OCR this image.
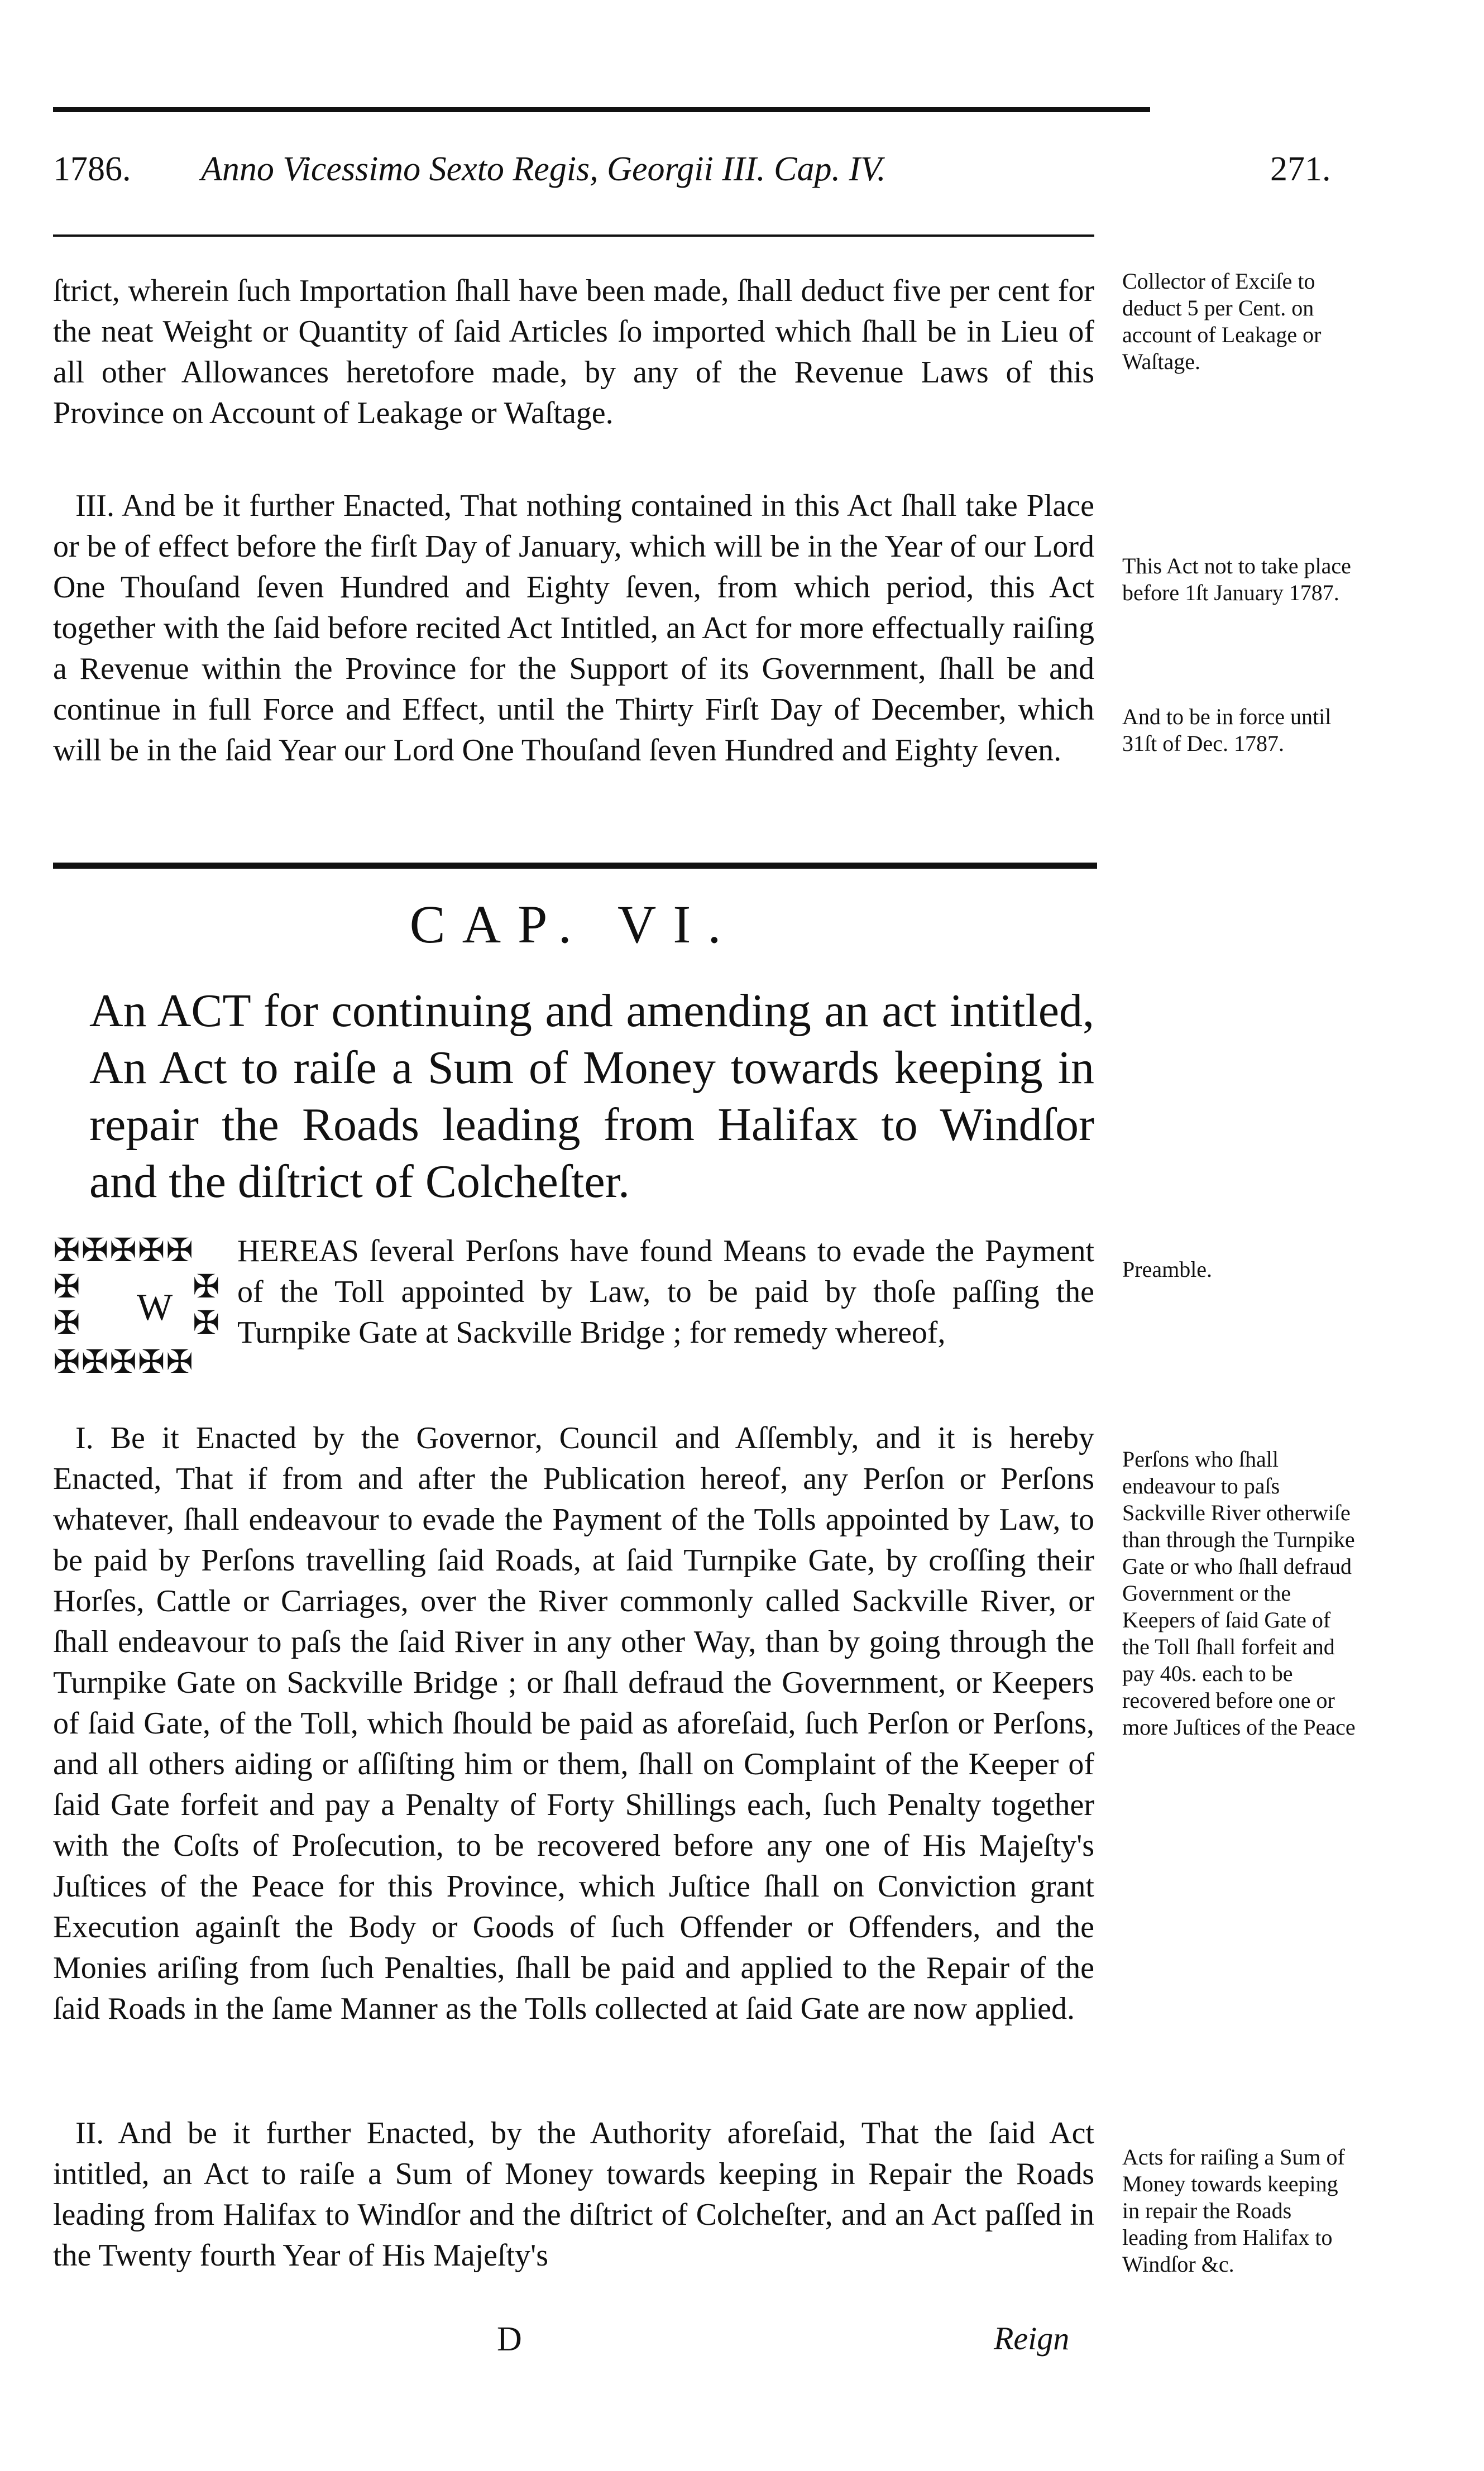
1786. Anno Vicessimo Sexto Regis, Georgii III. Cap. IV.	271.

ſtrict, wherein ſuch Importation ſhall have been made, ſhall deduct five per cent for the neat Weight or Quantity of ſaid Articles ſo imported which ſhall be in Lieu of all other Allowances heretofore made, by any of the Revenue Laws of this Province on Account of Leakage or Waſtage.

III. And be it further Enacted, That nothing contained in this Act ſhall take Place or be of effect before the firſt Day of January, which will be in the Year of our Lord One Thouſand ſeven Hundred and Eighty ſeven, from which period, this Act together with the ſaid before recited Act Intitled, an Act for more effectually raiſing a Revenue within the Province for the Support of its Government, ſhall be and continue in full Force and Effect, until the Thirty Firſt Day of December, which will be in the ſaid Year our Lord One Thouſand ſeven Hundred and Eighty ſeven.

CAP. VI.
An ACT for continuing and amending an act intitled, An Act to raiſe a Sum of Money towards keeping in repair the Roads leading from Halifax to Windſor and the diſtrict of Colcheſter.
✠✠✠✠✠
✠	✠
✠	✠
✠✠✠✠✠
W

HEREAS ſeveral Perſons have found Means to evade the Payment of the Toll appointed by Law, to be paid by thoſe paſſing the Turnpike Gate at Sackville Bridge ; for remedy whereof,

I. Be it Enacted by the Governor, Council and Aſſembly, and it is hereby Enacted, That if from and after the Publication hereof, any Perſon or Perſons whatever, ſhall endeavour to evade the Payment of the Tolls appointed by Law, to be paid by Perſons travelling ſaid Roads, at ſaid Turnpike Gate, by croſſing their Horſes, Cattle or Carriages, over the River commonly called Sackville River, or ſhall endeavour to paſs the ſaid River in any other Way, than by going through the Turnpike Gate on Sackville Bridge ; or ſhall defraud the Government, or Keepers of ſaid Gate, of the Toll, which ſhould be paid as aforeſaid, ſuch Perſon or Perſons, and all others aiding or aſſiſting him or them, ſhall on Complaint of the Keeper of ſaid Gate forfeit and pay a Penalty of Forty Shillings each, ſuch Penalty together with the Coſts of Proſecution, to be recovered before any one of His Majeſty's Juſtices of the Peace for this Province, which Juſtice ſhall on Conviction grant Execution againſt the Body or Goods of ſuch Offender or Offenders, and the Monies ariſing from ſuch Penalties, ſhall be paid and applied to the Repair of the ſaid Roads in the ſame Manner as the Tolls collected at ſaid Gate are now applied.

II. And be it further Enacted, by the Authority aforeſaid, That the ſaid Act intitled, an Act to raiſe a Sum of Money towards keeping in Repair the Roads leading from Halifax to Windſor and the diſtrict of Colcheſter, and an Act paſſed in the Twenty fourth Year of His Majeſty's

D	Reign
Collector of Exciſe to deduct 5 per Cent. on account of Leakage or Waſtage.
This Act not to take place before 1ſt January 1787.
And to be in force until 31ſt of Dec. 1787.
Preamble.
Perſons who ſhall endeavour to paſs Sackville River otherwiſe than through the Turnpike Gate or who ſhall defraud Government or the Keepers of ſaid Gate of the Toll ſhall forfeit and pay 40s. each to be recovered before one or more Juſtices of the Peace
Acts for raiſing a Sum of Money towards keeping in repair the Roads leading from Halifax to Windſor &c.
